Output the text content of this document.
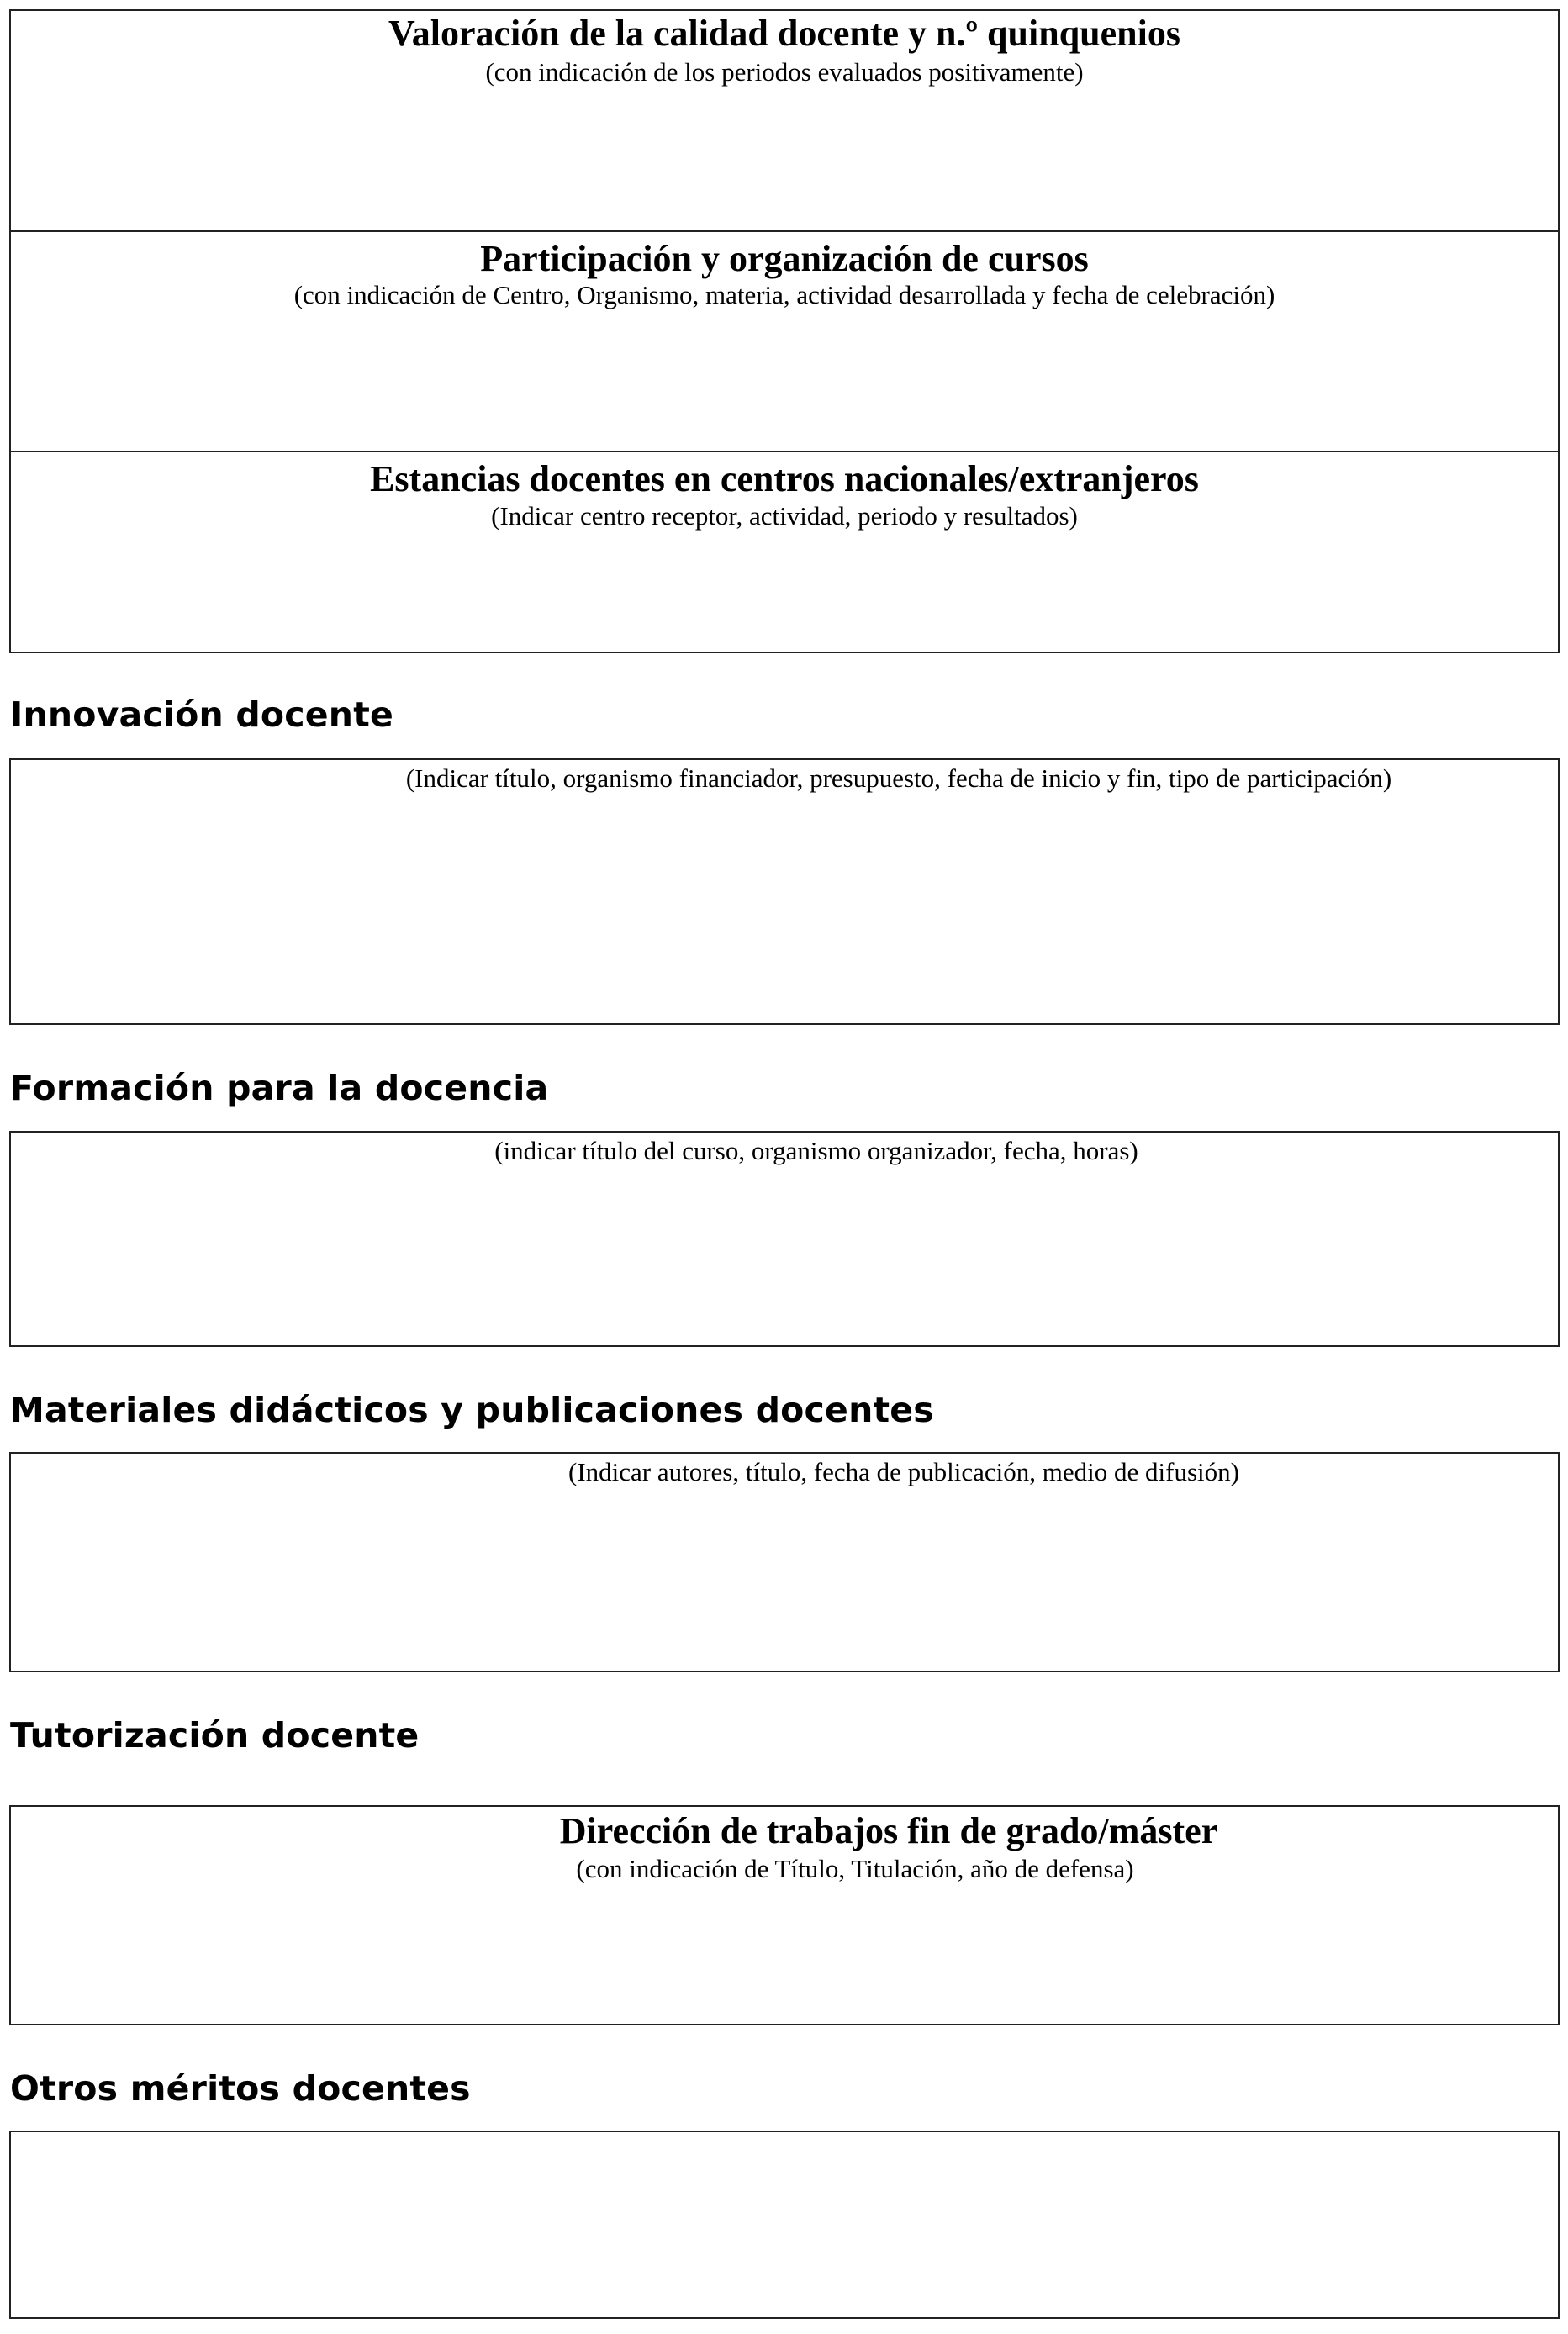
Valoración de la calidad docente y n.º quinquenios
(con indicación de los periodos evaluados positivamente)
Participación y organización de cursos
(con indicación de Centro, Organismo, materia, actividad desarrollada y fecha de celebración)
Estancias docentes en centros nacionales/extranjeros
(Indicar centro receptor, actividad, periodo y resultados)
Innovación docente
(Indicar título, organismo financiador, presupuesto, fecha de inicio y fin, tipo de participación)
Formación para la docencia
(indicar título del curso, organismo organizador, fecha, horas)
Materiales didácticos y publicaciones docentes
(Indicar autores, título, fecha de publicación, medio de difusión)
Tutorización docente
Dirección de trabajos fin de grado/máster
(con indicación de Título, Titulación, año de defensa)
Otros méritos docentes
